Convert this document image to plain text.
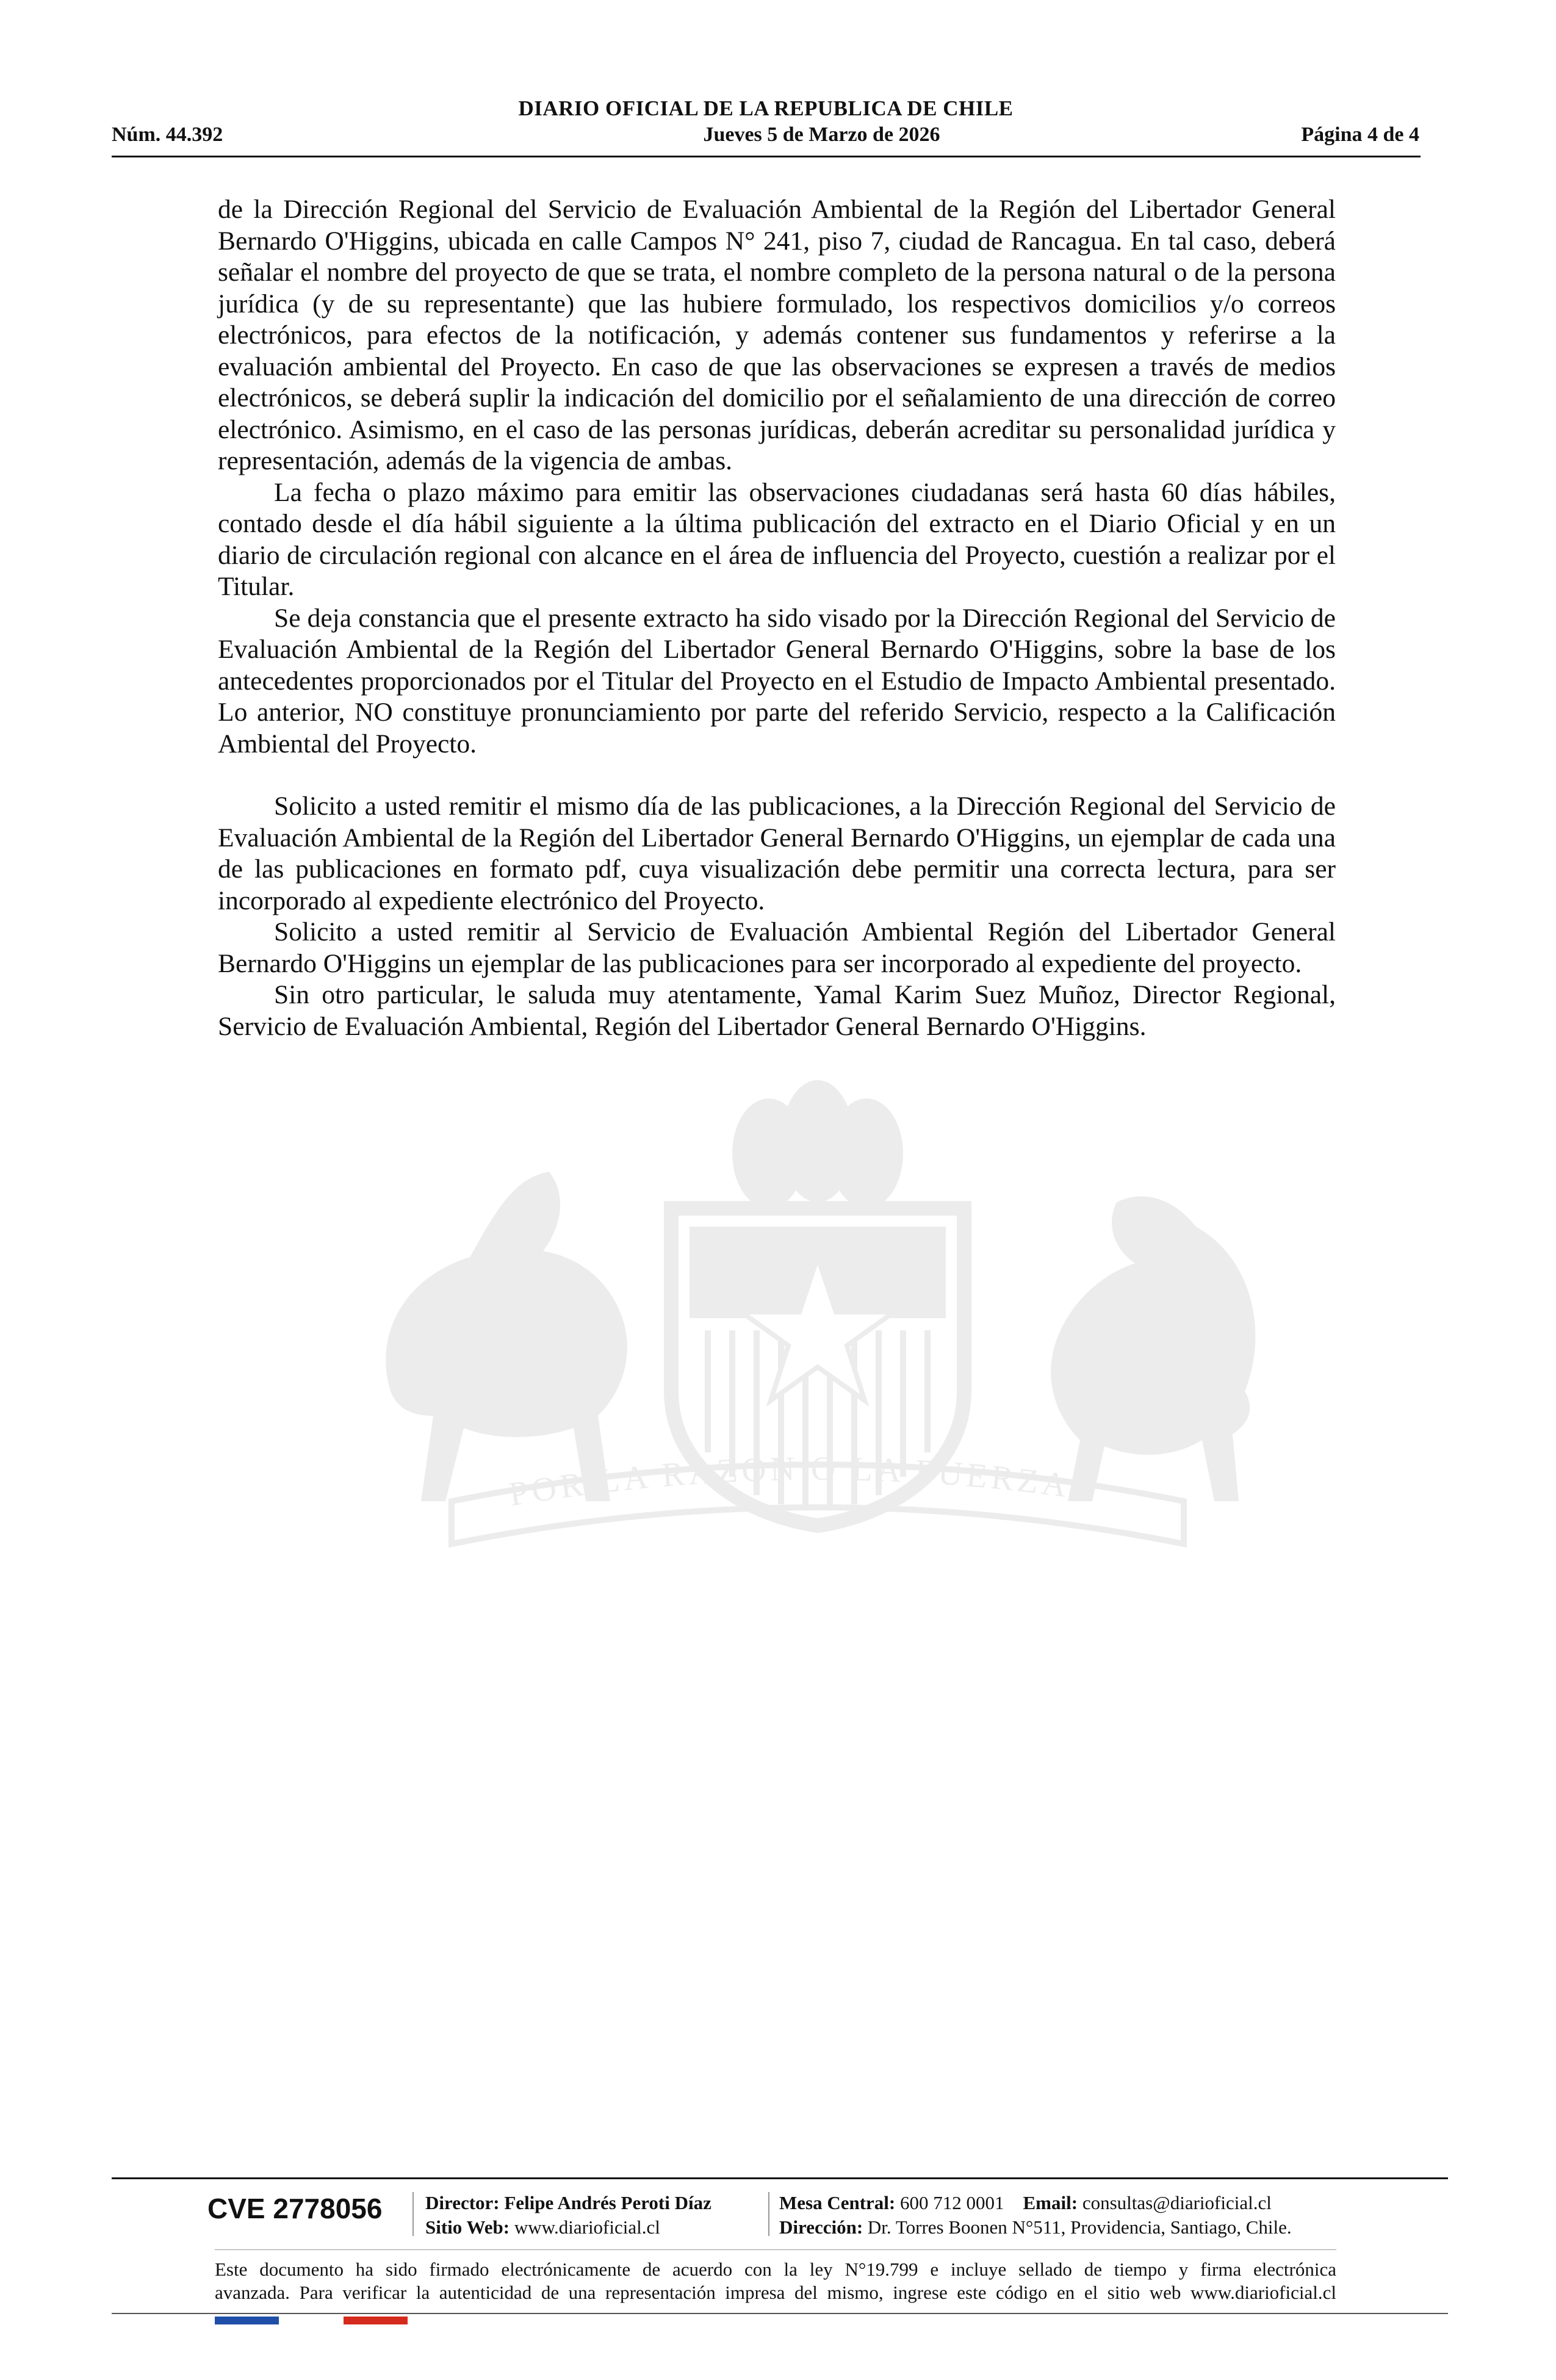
DIARIO OFICIAL DE LA REPUBLICA DE CHILE
Núm. 44.392	Jueves 5 de Marzo de 2026	Página 4 de 4
POR LA RAZON O LA FUERZA

de la Dirección Regional del Servicio de Evaluación Ambiental de la Región del Libertador General Bernardo O'Higgins, ubicada en calle Campos N° 241, piso 7, ciudad de Rancagua. En tal caso, deberá señalar el nombre del proyecto de que se trata, el nombre completo de la persona natural o de la persona jurídica (y de su representante) que las hubiere formulado, los respectivos domicilios y/o correos electrónicos, para efectos de la notificación, y además contener sus fundamentos y referirse a la evaluación ambiental del Proyecto. En caso de que las observaciones se expresen a través de medios electrónicos, se deberá suplir la indicación del domicilio por el señalamiento de una dirección de correo electrónico. Asimismo, en el caso de las personas jurídicas, deberán acreditar su personalidad jurídica y representación, además de la vigencia de ambas.

La fecha o plazo máximo para emitir las observaciones ciudadanas será hasta 60 días hábiles, contado desde el día hábil siguiente a la última publicación del extracto en el Diario Oficial y en un diario de circulación regional con alcance en el área de influencia del Proyecto, cuestión a realizar por el Titular.

Se deja constancia que el presente extracto ha sido visado por la Dirección Regional del Servicio de Evaluación Ambiental de la Región del Libertador General Bernardo O'Higgins, sobre la base de los antecedentes proporcionados por el Titular del Proyecto en el Estudio de Impacto Ambiental presentado. Lo anterior, NO constituye pronunciamiento por parte del referido Servicio, respecto a la Calificación Ambiental del Proyecto.

Solicito a usted remitir el mismo día de las publicaciones, a la Dirección Regional del Servicio de Evaluación Ambiental de la Región del Libertador General Bernardo O'Higgins, un ejemplar de cada una de las publicaciones en formato pdf, cuya visualización debe permitir una correcta lectura, para ser incorporado al expediente electrónico del Proyecto.

Solicito a usted remitir al Servicio de Evaluación Ambiental Región del Libertador General Bernardo O'Higgins un ejemplar de las publicaciones para ser incorporado al expediente del proyecto.

Sin otro particular, le saluda muy atentamente, Yamal Karim Suez Muñoz, Director Regional, Servicio de Evaluación Ambiental, Región del Libertador General Bernardo O'Higgins.

CVE 2778056 Director: Felipe Andrés Peroti Díaz
Sitio Web: www.diarioficial.cl
Mesa Central: 600 712 0001 Email: consultas@diarioficial.cl
Dirección: Dr. Torres Boonen N°511, Providencia, Santiago, Chile.
Este documento ha sido firmado electrónicamente de acuerdo con la ley N°19.799 e incluye sellado de tiempo y firma electrónica
avanzada. Para verificar la autenticidad de una representación impresa del mismo, ingrese este código en el sitio web www.diarioficial.cl
